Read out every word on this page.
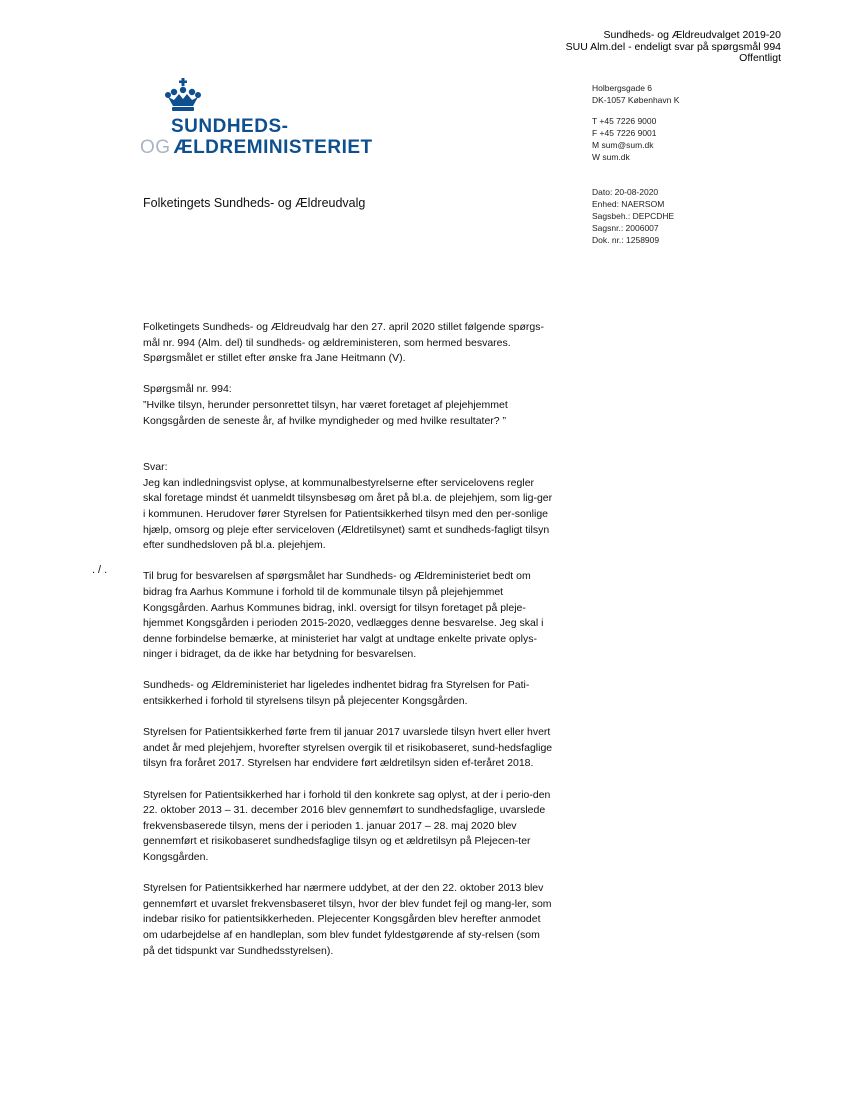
Sundheds- og Ældreudvalget 2019-20
SUU Alm.del - endeligt svar på spørgsmål 994
Offentligt
SUNDHEDS-
OG ÆLDREMINISTERIET
Holbergsgade 6
DK-1057 København K
T +45 7226 9000
F +45 7226 9001
M sum@sum.dk
W sum.dk
Dato: 20-08-2020
Enhed: NAERSOM
Sagsbeh.: DEPCDHE
Sagsnr.: 2006007
Dok. nr.: 1258909
Folketingets Sundheds- og Ældreudvalg
./.

Folketingets Sundheds- og Ældreudvalg har den 27. april 2020 stillet følgende spørgs-mål nr. 994 (Alm. del) til sundheds- og ældreministeren, som hermed besvares. Spørgsmålet er stillet efter ønske fra Jane Heitmann (V).

Spørgsmål nr. 994:
”Hvilke tilsyn, herunder personrettet tilsyn, har været foretaget af plejehjemmet Kongsgården de seneste år, af hvilke myndigheder og med hvilke resultater? ”

Svar:
Jeg kan indledningsvist oplyse, at kommunalbestyrelserne efter servicelovens regler skal foretage mindst ét uanmeldt tilsynsbesøg om året på bl.a. de plejehjem, som lig-ger i kommunen. Herudover fører Styrelsen for Patientsikkerhed tilsyn med den per-sonlige hjælp, omsorg og pleje efter serviceloven (Ældretilsynet) samt et sundheds-fagligt tilsyn efter sundhedsloven på bl.a. plejehjem.

Til brug for besvarelsen af spørgsmålet har Sundheds- og Ældreministeriet bedt om bidrag fra Aarhus Kommune i forhold til de kommunale tilsyn på plejehjemmet Kongsgården. Aarhus Kommunes bidrag, inkl. oversigt for tilsyn foretaget på pleje-hjemmet Kongsgården i perioden 2015-2020, vedlægges denne besvarelse. Jeg skal i denne forbindelse bemærke, at ministeriet har valgt at undtage enkelte private oplys-ninger i bidraget, da de ikke har betydning for besvarelsen.

Sundheds- og Ældreministeriet har ligeledes indhentet bidrag fra Styrelsen for Pati-entsikkerhed i forhold til styrelsens tilsyn på plejecenter Kongsgården.

Styrelsen for Patientsikkerhed førte frem til januar 2017 uvarslede tilsyn hvert eller hvert andet år med plejehjem, hvorefter styrelsen overgik til et risikobaseret, sund-hedsfaglige tilsyn fra foråret 2017. Styrelsen har endvidere ført ældretilsyn siden ef-teråret 2018.

Styrelsen for Patientsikkerhed har i forhold til den konkrete sag oplyst, at der i perio-den 22. oktober 2013 – 31. december 2016 blev gennemført to sundhedsfaglige, uvarslede frekvensbaserede tilsyn, mens der i perioden 1. januar 2017 – 28. maj 2020 blev gennemført et risikobaseret sundhedsfaglige tilsyn og et ældretilsyn på Plejecen-ter Kongsgården.

Styrelsen for Patientsikkerhed har nærmere uddybet, at der den 22. oktober 2013 blev gennemført et uvarslet frekvensbaseret tilsyn, hvor der blev fundet fejl og mang-ler, som indebar risiko for patientsikkerheden. Plejecenter Kongsgården blev herefter anmodet om udarbejdelse af en handleplan, som blev fundet fyldestgørende af sty-relsen (som på det tidspunkt var Sundhedsstyrelsen).
